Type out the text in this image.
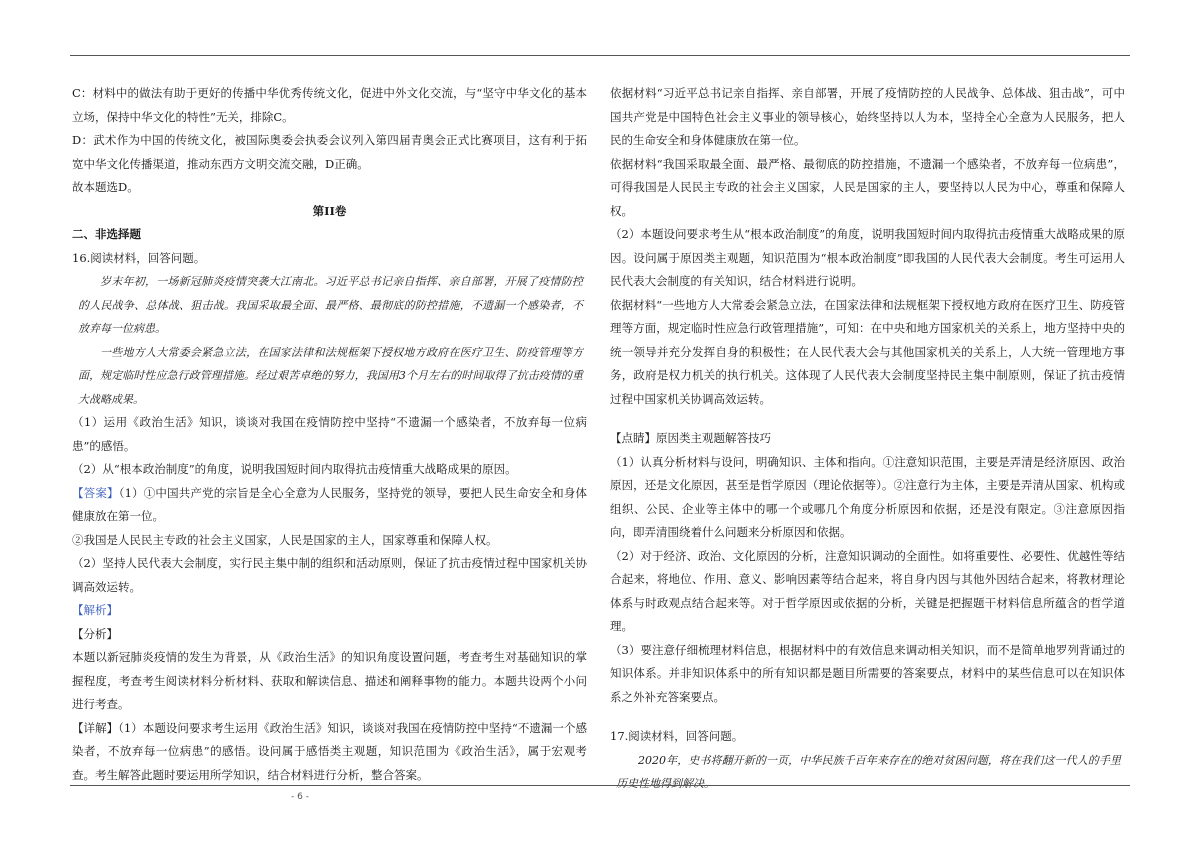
C：材料中的做法有助于更好的传播中华优秀传统文化，促进中外文化交流，与“坚守中华文化的基本立场，保持中华文化的特性”无关，排除C。

D：武术作为中国的传统文化，被国际奥委会执委会议列入第四届青奥会正式比赛项目，这有利于拓宽中华文化传播渠道，推动东西方文明交流交融，D正确。

故本题选D。

第II卷

二、非选择题

16.阅读材料，回答问题。

岁末年初，一场新冠肺炎疫情突袭大江南北。习近平总书记亲自指挥、亲自部署，开展了疫情防控的人民战争、总体战、狙击战。我国采取最全面、最严格、最彻底的防控措施，不遗漏一个感染者，不放弃每一位病患。

一些地方人大常委会紧急立法，在国家法律和法规框架下授权地方政府在医疗卫生、防疫管理等方面，规定临时性应急行政管理措施。经过艰苦卓绝的努力，我国用3个月左右的时间取得了抗击疫情的重大战略成果。

（1）运用《政治生活》知识，谈谈对我国在疫情防控中坚持“不遗漏一个感染者，不放弃每一位病患”的感悟。

（2）从“根本政治制度”的角度，说明我国短时间内取得抗击疫情重大战略成果的原因。

【答案】（1）①中国共产党的宗旨是全心全意为人民服务，坚持党的领导，要把人民生命安全和身体健康放在第一位。

②我国是人民民主专政的社会主义国家，人民是国家的主人，国家尊重和保障人权。

（2）坚持人民代表大会制度，实行民主集中制的组织和活动原则，保证了抗击疫情过程中国家机关协调高效运转。

【解析】

【分析】

本题以新冠肺炎疫情的发生为背景，从《政治生活》的知识角度设置问题，考查考生对基础知识的掌握程度，考查考生阅读材料分析材料、获取和解读信息、描述和阐释事物的能力。本题共设两个小问进行考查。

【详解】（1）本题设问要求考生运用《政治生活》知识，谈谈对我国在疫情防控中坚持“不遗漏一个感染者，不放弃每一位病患”的感悟。设问属于感悟类主观题，知识范围为《政治生活》，属于宏观考查。考生解答此题时要运用所学知识，结合材料进行分析，整合答案。

依据材料“习近平总书记亲自指挥、亲自部署，开展了疫情防控的人民战争、总体战、狙击战”，可中国共产党是中国特色社会主义事业的领导核心，始终坚持以人为本，坚持全心全意为人民服务，把人民的生命安全和身体健康放在第一位。

依据材料“我国采取最全面、最严格、最彻底的防控措施，不遗漏一个感染者，不放弃每一位病患”，可得我国是人民民主专政的社会主义国家，人民是国家的主人，要坚持以人民为中心，尊重和保障人权。

（2）本题设问要求考生从“根本政治制度”的角度，说明我国短时间内取得抗击疫情重大战略成果的原因。设问属于原因类主观题，知识范围为“根本政治制度”即我国的人民代表大会制度。考生可运用人民代表大会制度的有关知识，结合材料进行说明。

依据材料“一些地方人大常委会紧急立法，在国家法律和法规框架下授权地方政府在医疗卫生、防疫管理等方面，规定临时性应急行政管理措施”，可知：在中央和地方国家机关的关系上，地方坚持中央的统一领导并充分发挥自身的积极性；在人民代表大会与其他国家机关的关系上，人大统一管理地方事务，政府是权力机关的执行机关。这体现了人民代表大会制度坚持民主集中制原则，保证了抗击疫情过程中国家机关协调高效运转。

【点睛】原因类主观题解答技巧

（1）认真分析材料与设问，明确知识、主体和指向。①注意知识范围，主要是弄清是经济原因、政治原因，还是文化原因，甚至是哲学原因（理论依据等）。②注意行为主体，主要是弄清从国家、机构或组织、公民、企业等主体中的哪一个或哪几个角度分析原因和依据，还是没有限定。③注意原因指向，即弄清围绕着什么问题来分析原因和依据。

（2）对于经济、政治、文化原因的分析，注意知识调动的全面性。如将重要性、必要性、优越性等结合起来，将地位、作用、意义、影响因素等结合起来，将自身内因与其他外因结合起来，将教材理论体系与时政观点结合起来等。对于哲学原因或依据的分析，关键是把握题干材料信息所蕴含的哲学道理。

（3）要注意仔细梳理材料信息，根据材料中的有效信息来调动相关知识，而不是简单地罗列背诵过的知识体系。并非知识体系中的所有知识都是题目所需要的答案要点，材料中的某些信息可以在知识体系之外补充答案要点。

17.阅读材料，回答问题。

2020年，史书将翻开新的一页，中华民族千百年来存在的绝对贫困问题，将在我们这一代人的手里历史性地得到解决。

- 6 -
